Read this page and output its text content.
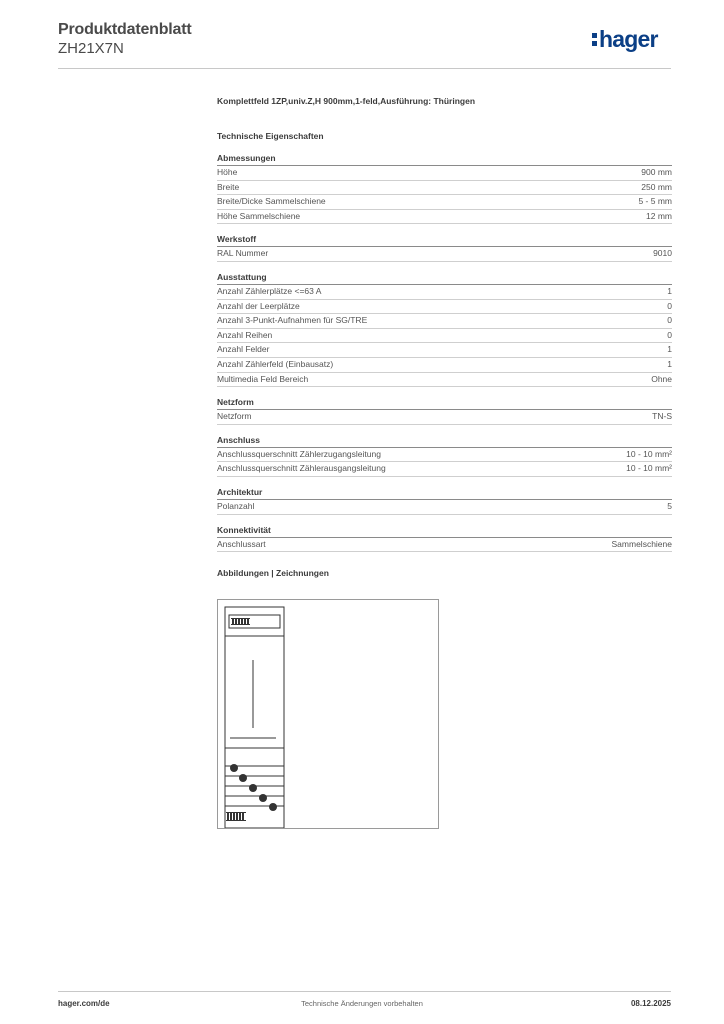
Produktdatenblatt
ZH21X7N	hager
Komplettfeld 1ZP,univ.Z,H 900mm,1-feld,Ausführung: Thüringen
Technische Eigenschaften
Abmessungen
Höhe	900 mm
Breite	250 mm
Breite/Dicke Sammelschiene	5 - 5 mm
Höhe Sammelschiene	12 mm
Werkstoff
RAL Nummer	9010
Ausstattung
Anzahl Zählerplätze <=63 A	1
Anzahl der Leerplätze	0
Anzahl 3-Punkt-Aufnahmen für SG/TRE	0
Anzahl Reihen	0
Anzahl Felder	1
Anzahl Zählerfeld (Einbausatz)	1
Multimedia Feld Bereich	Ohne
Netzform
Netzform	TN-S
Anschluss
Anschlussquerschnitt Zählerzugangsleitung	10 - 10 mm²
Anschlussquerschnitt Zählerausgangsleitung	10 - 10 mm²
Architektur
Polanzahl	5
Konnektivität
Anschlussart	Sammelschiene
Abbildungen | Zeichnungen
hager.com/de	Technische Änderungen vorbehalten	08.12.2025
